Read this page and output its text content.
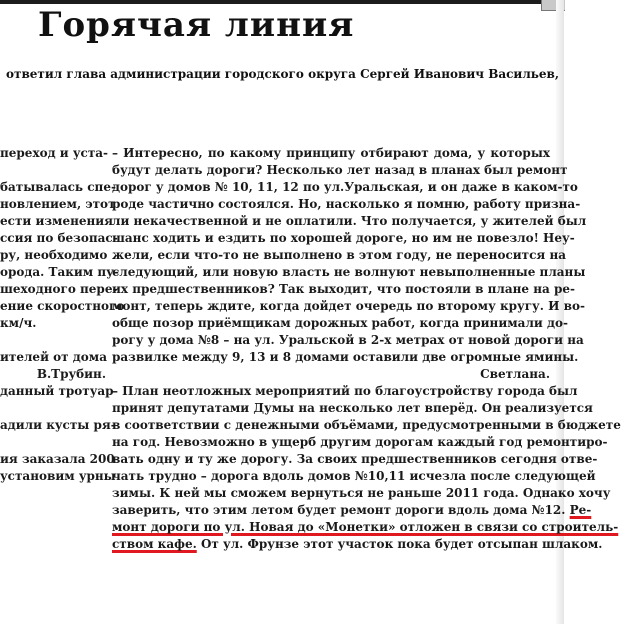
Горячая линия

ответил глава администрации городского округа Сергей Иванович Васильев,

переход и уста-
батывалась спе-
новлением, этот
ести изменения
ссия по безопас-
ру, необходимо
орода. Таким пу-
шеходного пере-
ение скоростного
км/ч.
ителей от дома
В.Трубин.
данный тротуар
адили кусты ря-
ия заказала 200
установим урны
– Интересно, по какому принципу отбирают дома, у которых
будут делать дороги? Несколько лет назад в планах был ремонт
дорог у домов № 10, 11, 12 по ул.Уральская, и он даже в каком-то
роде частично состоялся. Но, насколько я помню, работу призна-
ли некачественной и не оплатили. Что получается, у жителей был
шанс ходить и ездить по хорошей дороге, но им не повезло! Неу-
жели, если что-то не выполнено в этом году, не переносится на
следующий, или новую власть не волнуют невыполненные планы
их предшественников? Так выходит, что постояли в плане на ре-
монт, теперь ждите, когда дойдет очередь по второму кругу. И во-
обще позор приёмщикам дорожных работ, когда принимали до-
рогу у дома №8 – на ул. Уральской в 2-х метрах от новой дороги на
развилке между 9, 13 и 8 домами оставили две огромные ямины.
Светлана.
– План неотложных мероприятий по благоустройству города был
принят депутатами Думы на несколько лет вперёд. Он реализуется
в соответствии с денежными объёмами, предусмотренными в бюджете
на год. Невозможно в ущерб другим дорогам каждый год ремонтиро-
вать одну и ту же дорогу. За своих предшественников сегодня отве-
чать трудно – дорога вдоль домов №10,11 исчезла после следующей
зимы. К ней мы сможем вернуться не раньше 2011 года. Однако хочу
заверить, что этим летом будет ремонт дороги вдоль дома №12. Ре-
монт дороги по ул. Новая до «Монетки» отложен в связи со строитель-
ством кафе. От ул. Фрунзе этот участок пока будет отсыпан шлаком.
